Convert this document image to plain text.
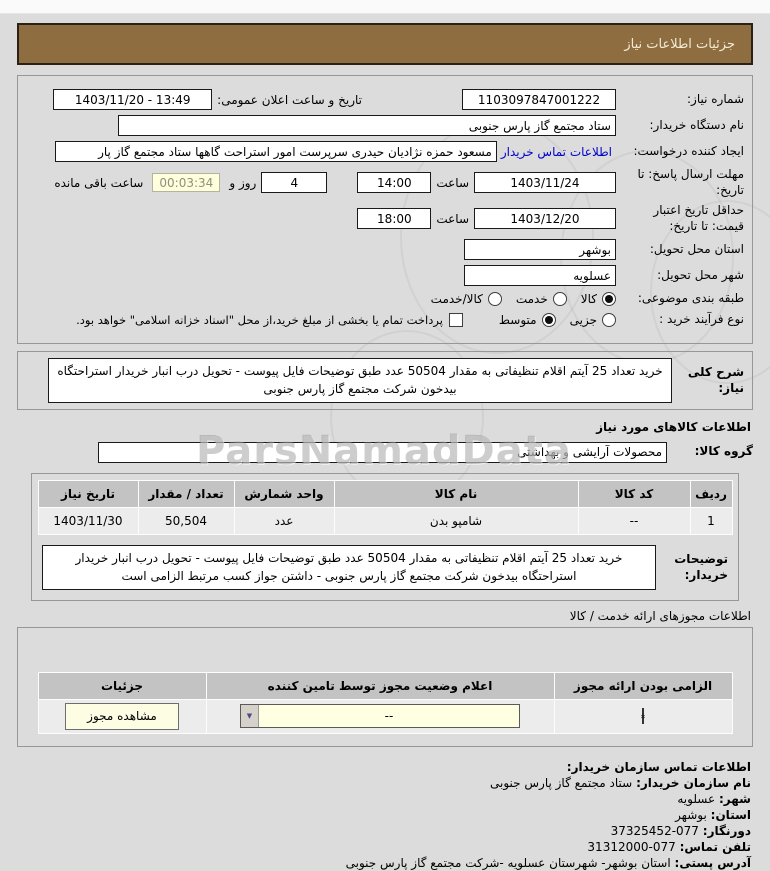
ParsNamadData
جزئیات اطلاعات نیاز
شماره نیاز:
1103097847001222
تاریخ و ساعت اعلان عمومی:
1403/11/20 - 13:49
نام دستگاه خریدار:
ستاد مجتمع گاز پارس جنوبی
ایجاد کننده درخواست:
اطلاعات تماس خریدار
مسعود حمزه نژادیان حیدری سرپرست امور استراحت گاهها ستاد مجتمع گاز پار
مهلت ارسال پاسخ: تا تاریخ:
1403/11/24
ساعت
14:00
4
روز و
00:03:34
ساعت باقی مانده
حداقل تاریخ اعتبار قیمت: تا تاریخ:
1403/12/20
ساعت
18:00
استان محل تحویل:
بوشهر
شهر محل تحویل:
عسلویه
طبقه بندی موضوعی:
کالا
خدمت
کالا/خدمت
نوع فرآیند خرید :
جزیی
متوسط
پرداخت تمام یا بخشی از مبلغ خرید،از محل "اسناد خزانه اسلامی" خواهد بود.
شرح کلی نیاز:
خرید تعداد 25 آیتم اقلام تنظیفاتی به مقدار 50504 عدد طبق توضیحات فایل پیوست - تحویل درب انبار خریدار استراحتگاه بیدخون شرکت مجتمع گاز پارس جنوبی
اطلاعات کالاهای مورد نیاز
گروه کالا:
محصولات آرایشی و بهداشتی
ردیف	کد کالا	نام کالا	واحد شمارش	تعداد / مقدار	تاریخ نیاز
1	--	شامپو بدن	عدد	50,504	1403/11/30
توضیحات خریدار:
خرید تعداد 25 آیتم اقلام تنظیفاتی به مقدار 50504 عدد طبق توضیحات فایل پیوست - تحویل درب انبار خریدار استراحتگاه بیدخون شرکت مجتمع گاز پارس جنوبی - داشتن جواز کسب مرتبط الزامی است
اطلاعات مجوزهای ارائه خدمت / کالا
الزامی بودن ارائه مجوز	اعلام وضعیت مجوز توسط تامین کننده	جزئیات

▼ --	مشاهده مجوز
اطلاعات تماس سازمان خریدار:
نام سازمان خریدار: ستاد مجتمع گاز پارس جنوبی
شهر: عسلویه
استان: بوشهر
دورنگار: 37325452-077
تلفن تماس: 31312000-077
آدرس پستی: استان بوشهر- شهرستان عسلویه -شرکت مجتمع گاز پارس جنوبی
